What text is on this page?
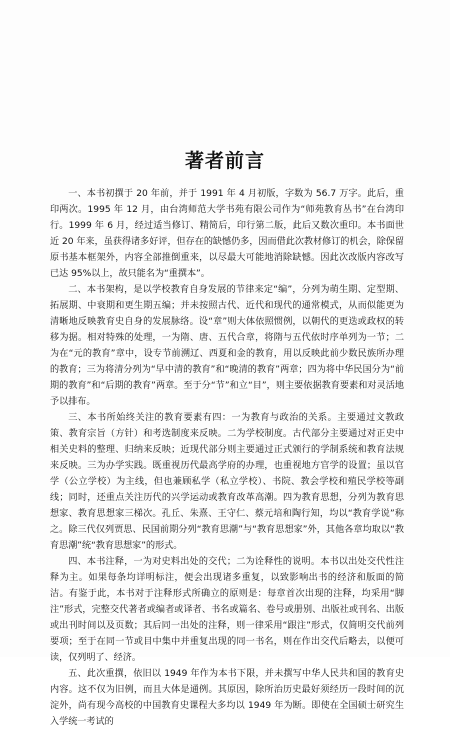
著者前言

一、本书初撰于 20 年前，并于 1991 年 4 月初版，字数为 56.7 万字。此后，重印两次。1995 年 12 月，由台湾师范大学书苑有限公司作为“师苑教育丛书”在台湾印行。1999 年 6 月，经过适当修订、精简后，印行第二版，此后又数次重印。本书面世近 20 年来，虽获得诸多好评，但存在的缺憾仍多，因而借此次教材修订的机会，除保留原书基本框架外，内容全部推倒重来，以尽最大可能地消除缺憾。因此次改版内容改写已达 95%以上，故只能名为“重撰本”。

二、本书架构，是以学校教育自身发展的节律来定“编”，分列为萌生期、定型期、拓展期、中衰期和更生期五编；并未按照古代、近代和现代的通常模式，从而似能更为清晰地反映教育史自身的发展脉络。设“章”则大体依照惯例，以朝代的更迭或政权的转移为据。相对特殊的处理，一为隋、唐、五代合章，将隋与五代依时序单列为一节；二为在“元的教育”章中，设专节前溯辽、西夏和金的教育，用以反映此前少数民族所办理的教育；三为将清分列为“早中清的教育”和“晚清的教育”两章；四为将中华民国分为“前期的教育”和“后期的教育”两章。至于分“节”和立“目”，则主要依据教育要素和对灵活地予以排布。

三、本书所始终关注的教育要素有四：一为教育与政治的关系。主要通过文教政策、教育宗旨（方针）和考选制度来反映。二为学校制度。古代部分主要通过对正史中相关史料的整理、归纳来反映；近现代部分则主要通过正式颁行的学制系统和教育法规来反映。三为办学实践。既重视历代最高学府的办理，也重视地方官学的设置；虽以官学（公立学校）为主线，但也兼顾私学（私立学校）、书院、教会学校和殖民学校等副线；同时，还重点关注历代的兴学运动或教育改革高潮。四为教育思想，分列为教育思想家、教育思想家三梯次。孔丘、朱熹、王守仁、蔡元培和陶行知，均以“教育学说”称之。除三代仅列贾思、民国前期分列“教育思潮”与“教育思想家”外，其他各章均取以“教育思潮”统“教育思想家”的形式。

四、本书注释，一为对史料出处的交代；二为诠释性的说明。本书以出处交代性注释为主。如果每条均详明标注，便会出现诸多重复，以致影响出书的经济和版面的简洁。有鉴于此，本书对于注释形式所确立的原则是：每章首次出现的注释，均采用“脚注”形式，完整交代著者或编者或译者、书名或篇名、卷号或册别、出版社或刊名、出版或出刊时间以及页数；其后同一出处的注释，则一律采用“跟注”形式，仅简明交代前列要项；至于在同一节或目中集中并重复出现的同一书名，则在作出交代后略去，以便可读，仅列明了、经济。

五、此次重撰，依旧以 1949 年作为本书下限，并未撰写中华人民共和国的教育史内容。这不仅为旧例，而且大体是通例。其原因，除所治历史最好须经历一段时间的沉淀外，尚有现今高校的中国教育史课程大多均以 1949 年为断。即使在全国硕士研究生入学统一考试的
